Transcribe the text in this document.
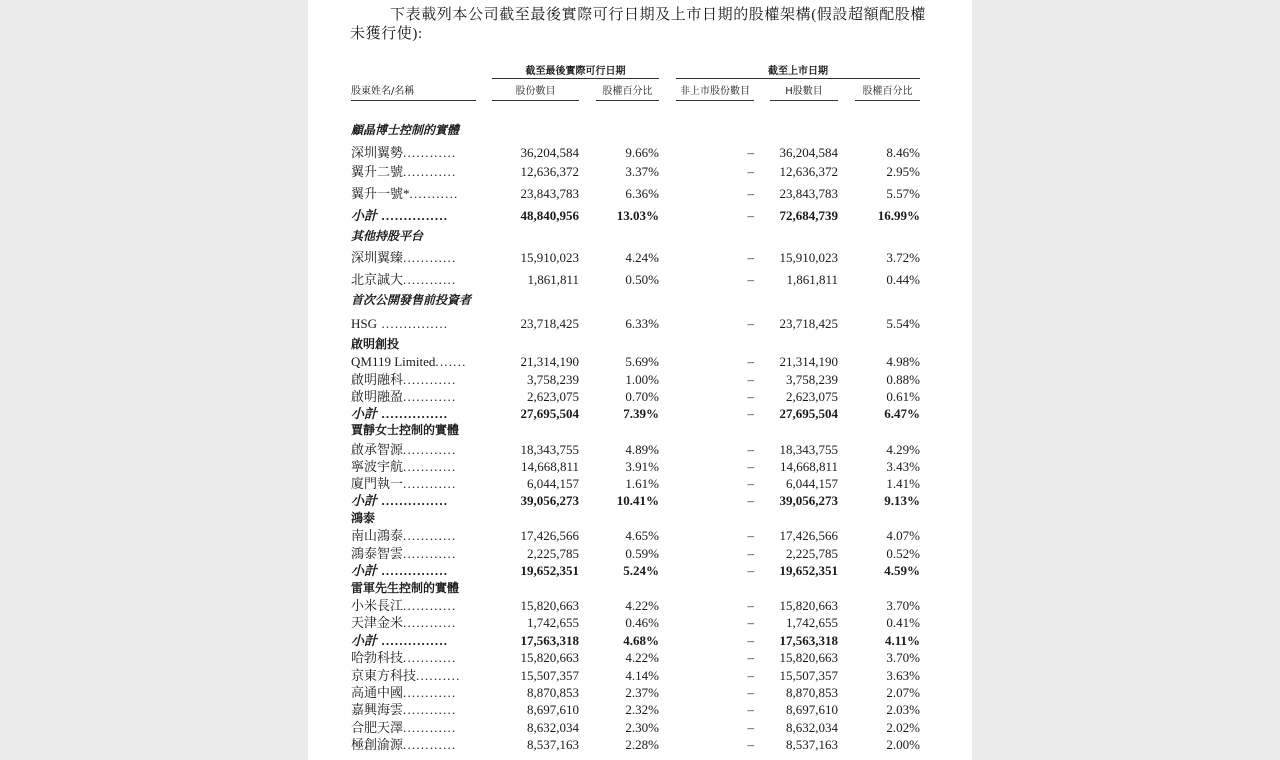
下表載列本公司截至最後實際可行日期及上市日期的股權架構(假設超額配股權
未獲行使):
截至最後實際可行日期	截至上市日期
股東姓名/名稱	股份數目	股權百分比	非上市股份數目	H股數目	股權百分比
顧晶博士控制的實體
深圳翼勢............	36,204,584	9.66%	– 36,204,584	8.46%
翼升二號............	12,636,372	3.37%	– 12,636,372	2.95%
翼升一號*...........	23,843,783	6.36%	– 23,843,783	5.57%
小計 ...............	48,840,956	13.03%	– 72,684,739	16.99%
其他持股平台
深圳翼臻............	15,910,023	4.24%	– 15,910,023	3.72%
北京誠大............	1,861,811	0.50%	– 1,861,811	0.44%
首次公開發售前投資者
HSG ...............	23,718,425	6.33%	– 23,718,425	5.54%
啟明創投
QM119 Limited.......	21,314,190	5.69%	– 21,314,190	4.98%
啟明融科............	3,758,239	1.00%	– 3,758,239	0.88%
啟明融盈............	2,623,075	0.70%	– 2,623,075	0.61%
小計 ...............	27,695,504	7.39%	– 27,695,504	6.47%
賈靜女士控制的實體
啟承智源............	18,343,755	4.89%	– 18,343,755	4.29%
寧波宇航............	14,668,811	3.91%	– 14,668,811	3.43%
廈門執一............	6,044,157	1.61%	– 6,044,157	1.41%
小計 ...............	39,056,273	10.41%	– 39,056,273	9.13%
鴻泰
南山鴻泰............	17,426,566	4.65%	– 17,426,566	4.07%
鴻泰智雲............	2,225,785	0.59%	– 2,225,785	0.52%
小計 ...............	19,652,351	5.24%	– 19,652,351	4.59%
雷軍先生控制的實體
小米長江............	15,820,663	4.22%	– 15,820,663	3.70%
天津金米............	1,742,655	0.46%	– 1,742,655	0.41%
小計 ...............	17,563,318	4.68%	– 17,563,318	4.11%
哈勃科技............	15,820,663	4.22%	– 15,820,663	3.70%
京東方科技..........	15,507,357	4.14%	– 15,507,357	3.63%
高通中國............	8,870,853	2.37%	– 8,870,853	2.07%
嘉興海雲............	8,697,610	2.32%	– 8,697,610	2.03%
合肥天澤............	8,632,034	2.30%	– 8,632,034	2.02%
極創渝源............	8,537,163	2.28%	– 8,537,163	2.00%
